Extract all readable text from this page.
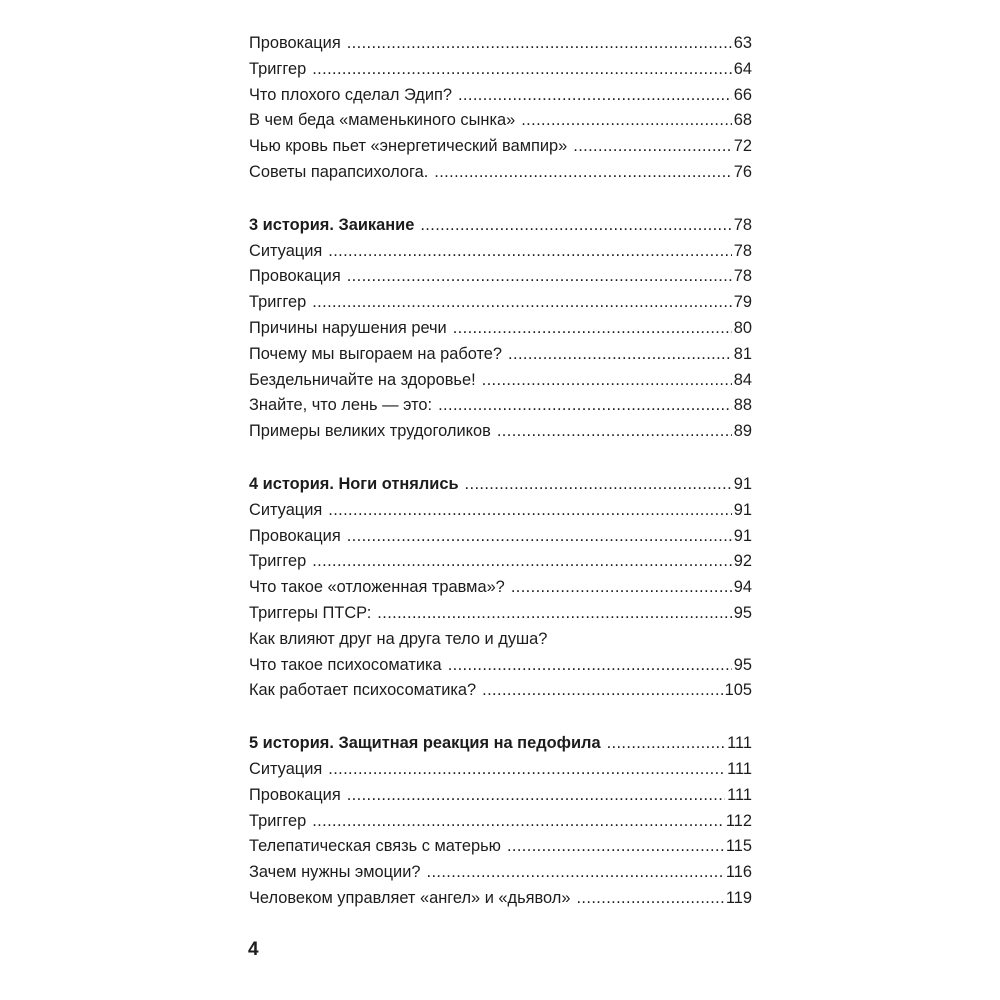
Провокация .....	63
Триггер .....	64
Что плохого сделал Эдип? .....	66
В чем беда «маменькиного сынка» .....	68
Чью кровь пьет «энергетический вампир» .....	72
Советы парапсихолога. .....	76
3 история. Заикание .....	78
Ситуация .....	78
Провокация .....	78
Триггер .....	79
Причины нарушения речи .....	80
Почему мы выгораем на работе? .....	81
Бездельничайте на здоровье! .....	84
Знайте, что лень — это: .....	88
Примеры великих трудоголиков .....	89
4 история. Ноги отнялись .....	91
Ситуация .....	91
Провокация .....	91
Триггер .....	92
Что такое «отложенная травма»? .....	94
Триггеры ПТСР: .....	95
Как влияют друг на друга тело и душа?
Что такое психосоматика .....	95
Как работает психосоматика? .....	105
5 история. Защитная реакция на педофила .....	111
Ситуация .....	111
Провокация .....	111
Триггер .....	112
Телепатическая связь с матерью .....	115
Зачем нужны эмоции? .....	116
Человеком управляет «ангел» и «дьявол» .....	119
4
